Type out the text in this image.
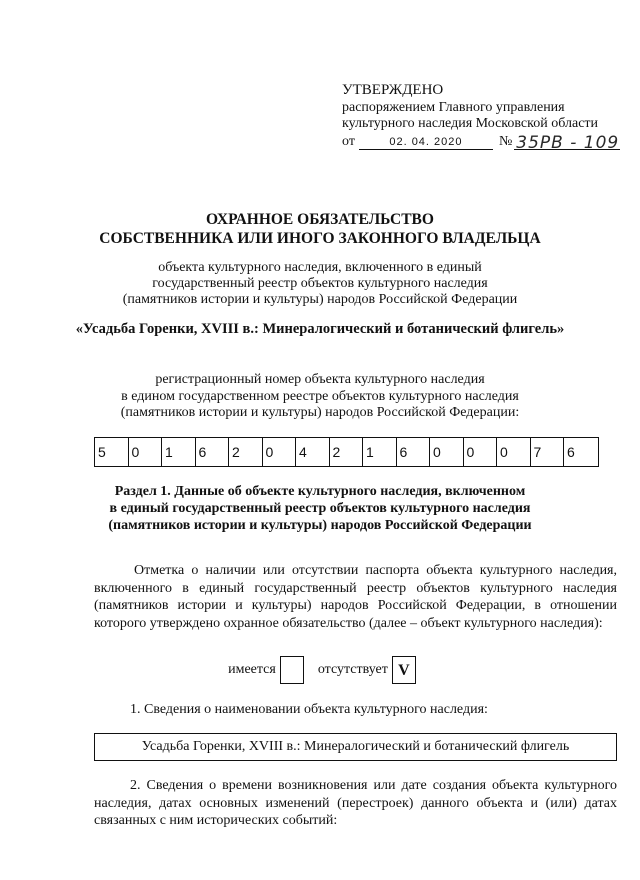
УТВЕРЖДЕНО
распоряжением Главного управления
культурного наследия Московской области
от	02. 04. 2020	№ 35РВ - 109
ОХРАННОЕ ОБЯЗАТЕЛЬСТВО
СОБСТВЕННИКА ИЛИ ИНОГО ЗАКОННОГО ВЛАДЕЛЬЦА
объекта культурного наследия, включенного в единый
государственный реестр объектов культурного наследия
(памятников истории и культуры) народов Российской Федерации
«Усадьба Горенки, XVIII в.: Минералогический и ботанический флигель»
регистрационный номер объекта культурного наследия
в едином государственном реестре объектов культурного наследия
(памятников истории и культуры) народов Российской Федерации:
5	0	1	6	2	0	4	2	1	6	0	0	0	7	6
Раздел 1. Данные об объекте культурного наследия, включенном
в единый государственный реестр объектов культурного наследия
(памятников истории и культуры) народов Российской Федерации
Отметка о наличии или отсутствии паспорта объекта культурного наследия, включенного в единый государственный реестр объектов культурного наследия (памятников истории и культуры) народов Российской Федерации, в отношении которого утверждено охранное обязательство (далее – объект культурного наследия):
имеется	отсутствует V
1. Сведения о наименовании объекта культурного наследия:
Усадьба Горенки, XVIII в.: Минералогический и ботанический флигель
2. Сведения о времени возникновения или дате создания объекта культурного наследия, датах основных изменений (перестроек) данного объекта и (или) датах связанных с ним исторических событий:
